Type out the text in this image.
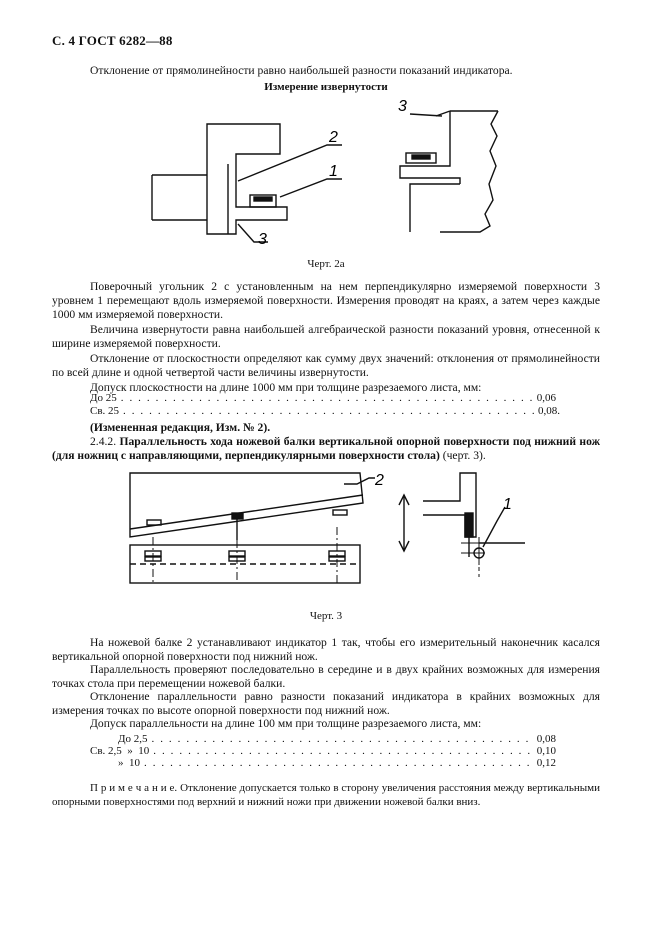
С. 4 ГОСТ 6282—88
Отклонение от прямолинейности равно наибольшей разности показаний индикатора.
Измерение извернутости
2
1
3
3
Черт. 2а
Поверочный угольник 2 с установленным на нем перпендикулярно измеряемой поверхности 3 уровнем 1 перемещают вдоль измеряемой поверхности. Измерения проводят на краях, а затем через каждые 1000 мм измеряемой поверхности.
Величина извернутости равна наибольшей алгебраической разности показаний уровня, отнесенной к ширине измеряемой поверхности.
Отклонение от плоскостности определяют как сумму двух значений: отклонения от прямолинейности по всей длине и одной четвертой части величины извернутости.
Допуск плоскостности на длине 1000 мм при толщине разрезаемого листа, мм:
До 25 . . .	0,06
Св. 25 . . .	0,08.
(Измененная редакция, Изм. № 2).
2.4.2. Параллельность хода ножевой балки вертикальной опорной поверхности под нижний нож (для ножниц с направляющими, перпендикулярными поверхности стола) (черт. 3).
2
1
Черт. 3
На ножевой балке 2 устанавливают индикатор 1 так, чтобы его измерительный наконечник касался вертикальной опорной поверхности под нижний нож.
Параллельность проверяют последовательно в середине и в двух крайних возможных для измерения точках стола при перемещении ножевой балки.
Отклонение параллельности равно разности показаний индикатора в крайних возможных для измерения точках по высоте опорной поверхности под нижний нож.
Допуск параллельности на длине 100 мм при толщине разрезаемого листа, мм:
До 2,5 . . .	0,08
Св. 2,5  »  10 . . .	0,10
»  10 . . .	0,12
П р и м е ч а н и е. Отклонение допускается только в сторону увеличения расстояния между вертикальными опорными поверхностями под верхний и нижний ножи при движении ножевой балки вниз.
